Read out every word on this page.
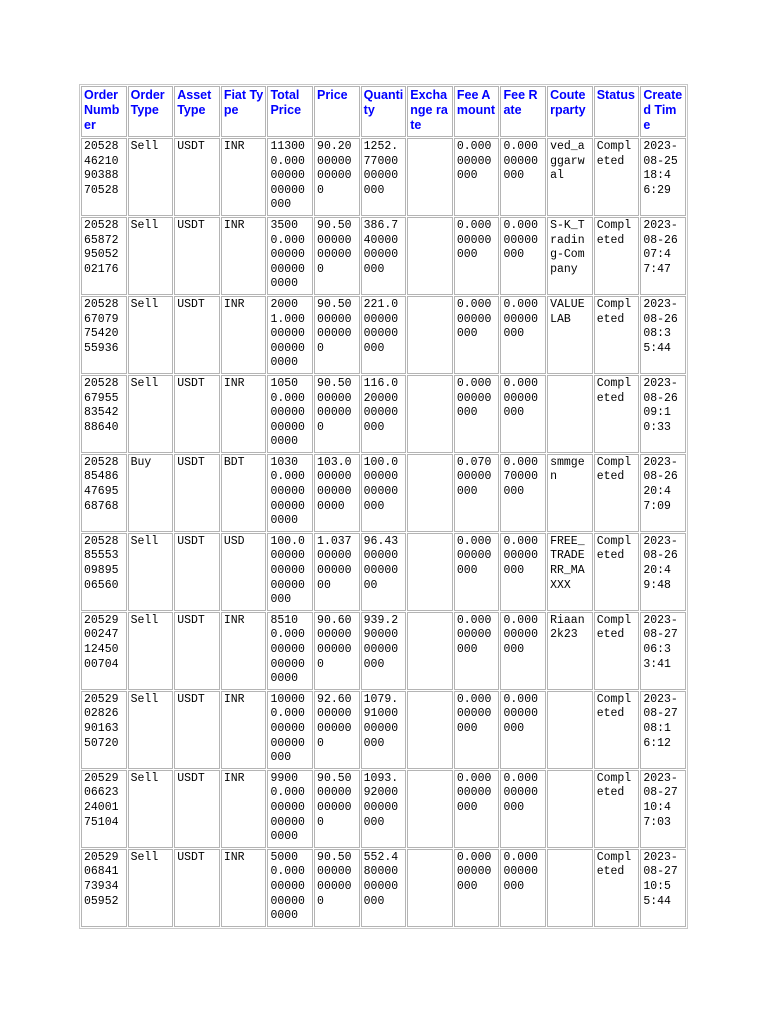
Order Number	Order Type	Asset Type	Fiat Type	Total Price	Price	Quantity	Exchange rate	Fee Amount	Fee Rate	Couterparty	Status	Created Time
20528462109038870528	Sell	USDT	INR	113000.0000000000000000	90.2000000000000	1252.7700000000000		0.00000000000	0.00000000000	ved_aggarwal	Completed	2023-08-25 18:46:29
20528658729505202176	Sell	USDT	INR	35000.00000000000000000	90.5000000000000	386.74000000000000		0.00000000000	0.00000000000	S-K_Trading-Company	Completed	2023-08-26 07:47:47
20528670797542055936	Sell	USDT	INR	20001.00000000000000000	90.5000000000000	221.00000000000000		0.00000000000	0.00000000000	VALUELAB	Completed	2023-08-26 08:35:44
20528679558354288640	Sell	USDT	INR	10500.00000000000000000	90.5000000000000	116.02000000000000		0.00000000000	0.00000000000		Completed	2023-08-26 09:10:33
20528854864769568768	Buy	USDT	BDT	10300.00000000000000000	103.000000000000000	100.00000000000000		0.07000000000	0.00070000000	smmgen	Completed	2023-08-26 20:47:09
20528855530989506560	Sell	USDT	USD	100.0000000000000000000	1.037000000000000	96.43000000000000		0.00000000000	0.00000000000	FREE_TRADERR_MAXXX	Completed	2023-08-26 20:49:48
20529002471245000704	Sell	USDT	INR	85100.00000000000000000	90.6000000000000	939.29000000000000		0.00000000000	0.00000000000	Riaan2k23	Completed	2023-08-27 06:33:41
20529028269016350720	Sell	USDT	INR	100000.0000000000000000	92.6000000000000	1079.9100000000000		0.00000000000	0.00000000000		Completed	2023-08-27 08:16:12
20529066232400175104	Sell	USDT	INR	99000.00000000000000000	90.5000000000000	1093.9200000000000		0.00000000000	0.00000000000		Completed	2023-08-27 10:47:03
20529068417393405952	Sell	USDT	INR	50000.00000000000000000	90.5000000000000	552.48000000000000		0.00000000000	0.00000000000		Completed	2023-08-27 10:55:44
